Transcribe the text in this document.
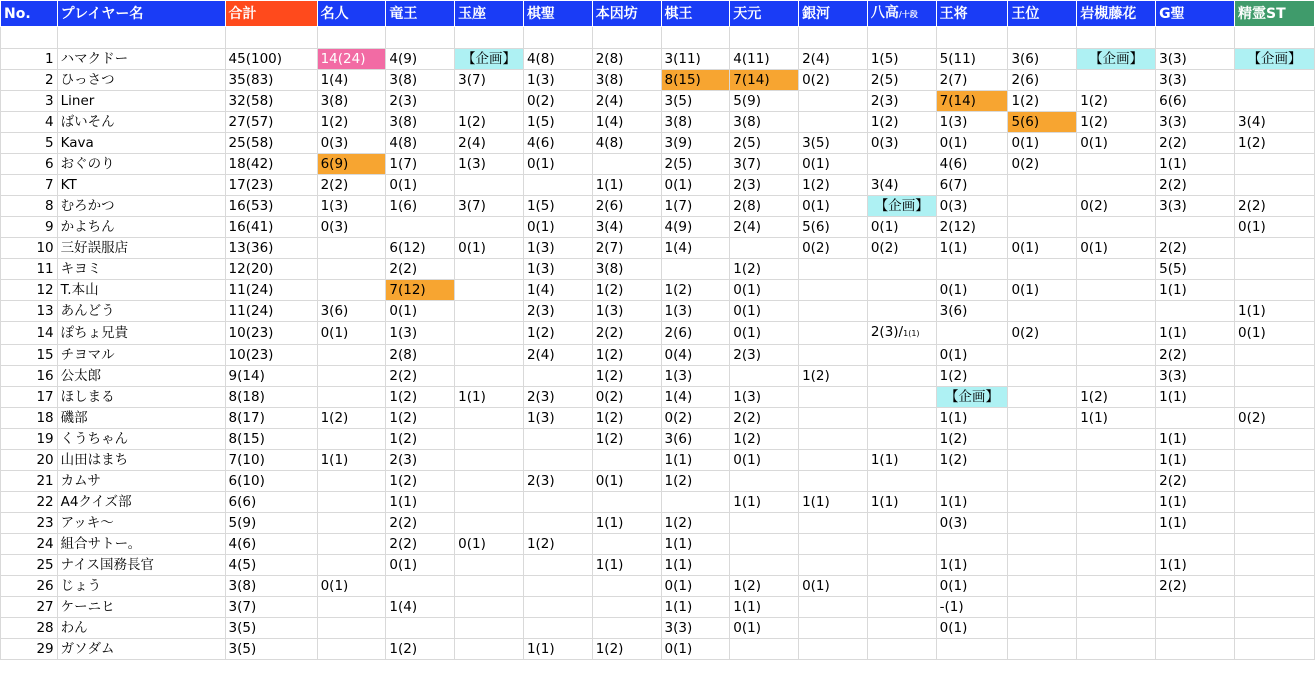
No.	プレイヤー名	合計	名人	竜王	玉座	棋聖	本因坊	棋王	天元	銀河	八高/十段	王将	王位	岩槻藤花	G聖	精霊ST

1	ハマクドー	45(100)	14(24)	4(9)	【企画】	4(8)	2(8)	3(11)	4(11)	2(4)	1(5)	5(11)	3(6)	【企画】	3(3)	【企画】
2	ひっさつ	35(83)	1(4)	3(8)	3(7)	1(3)	3(8)	8(15)	7(14)	0(2)	2(5)	2(7)	2(6)		3(3)	
3	Liner	32(58)	3(8)	2(3)		0(2)	2(4)	3(5)	5(9)		2(3)	7(14)	1(2)	1(2)	6(6)	
4	ばいそん	27(57)	1(2)	3(8)	1(2)	1(5)	1(4)	3(8)	3(8)		1(2)	1(3)	5(6)	1(2)	3(3)	3(4)
5	Kava	25(58)	0(3)	4(8)	2(4)	4(6)	4(8)	3(9)	2(5)	3(5)	0(3)	0(1)	0(1)	0(1)	2(2)	1(2)
6	おぐのり	18(42)	6(9)	1(7)	1(3)	0(1)		2(5)	3(7)	0(1)		4(6)	0(2)		1(1)	
7	KT	17(23)	2(2)	0(1)			1(1)	0(1)	2(3)	1(2)	3(4)	6(7)			2(2)	
8	むろかつ	16(53)	1(3)	1(6)	3(7)	1(5)	2(6)	1(7)	2(8)	0(1)	【企画】	0(3)		0(2)	3(3)	2(2)
9	かよちん	16(41)	0(3)			0(1)	3(4)	4(9)	2(4)	5(6)	0(1)	2(12)				0(1)
10	三好誤服店	13(36)		6(12)	0(1)	1(3)	2(7)	1(4)		0(2)	0(2)	1(1)	0(1)	0(1)	2(2)	
11	キヨミ	12(20)		2(2)		1(3)	3(8)		1(2)						5(5)	
12	T.本山	11(24)		7(12)		1(4)	1(2)	1(2)	0(1)			0(1)	0(1)		1(1)	
13	あんどう	11(24)	3(6)	0(1)		2(3)	1(3)	1(3)	0(1)			3(6)				1(1)
14	ぽちょ兄貴	10(23)	0(1)	1(3)		1(2)	2(2)	2(6)	0(1)		2(3)/1(1)		0(2)		1(1)	0(1)
15	チヨマル	10(23)		2(8)		2(4)	1(2)	0(4)	2(3)			0(1)			2(2)	
16	公太郎	9(14)		2(2)			1(2)	1(3)		1(2)		1(2)			3(3)	
17	ほしまる	8(18)		1(2)	1(1)	2(3)	0(2)	1(4)	1(3)			【企画】		1(2)	1(1)	
18	磯部	8(17)	1(2)	1(2)		1(3)	1(2)	0(2)	2(2)			1(1)		1(1)		0(2)
19	くうちゃん	8(15)		1(2)			1(2)	3(6)	1(2)			1(2)			1(1)	
20	山田はまち	7(10)	1(1)	2(3)				1(1)	0(1)		1(1)	1(2)			1(1)	
21	カムサ	6(10)		1(2)		2(3)	0(1)	1(2)							2(2)	
22	A4クイズ部	6(6)		1(1)					1(1)	1(1)	1(1)	1(1)			1(1)	
23	アッキ～	5(9)		2(2)			1(1)	1(2)				0(3)			1(1)	
24	組合サトー。	4(6)		2(2)	0(1)	1(2)		1(1)								
25	ナイス国務長官	4(5)		0(1)			1(1)	1(1)				1(1)			1(1)	
26	じょう	3(8)	0(1)					0(1)	1(2)	0(1)		0(1)			2(2)	
27	ケーニヒ	3(7)		1(4)				1(1)	1(1)			-(1)				
28	わん	3(5)						3(3)	0(1)			0(1)				
29	ガソダム	3(5)		1(2)		1(1)	1(2)	0(1)								
